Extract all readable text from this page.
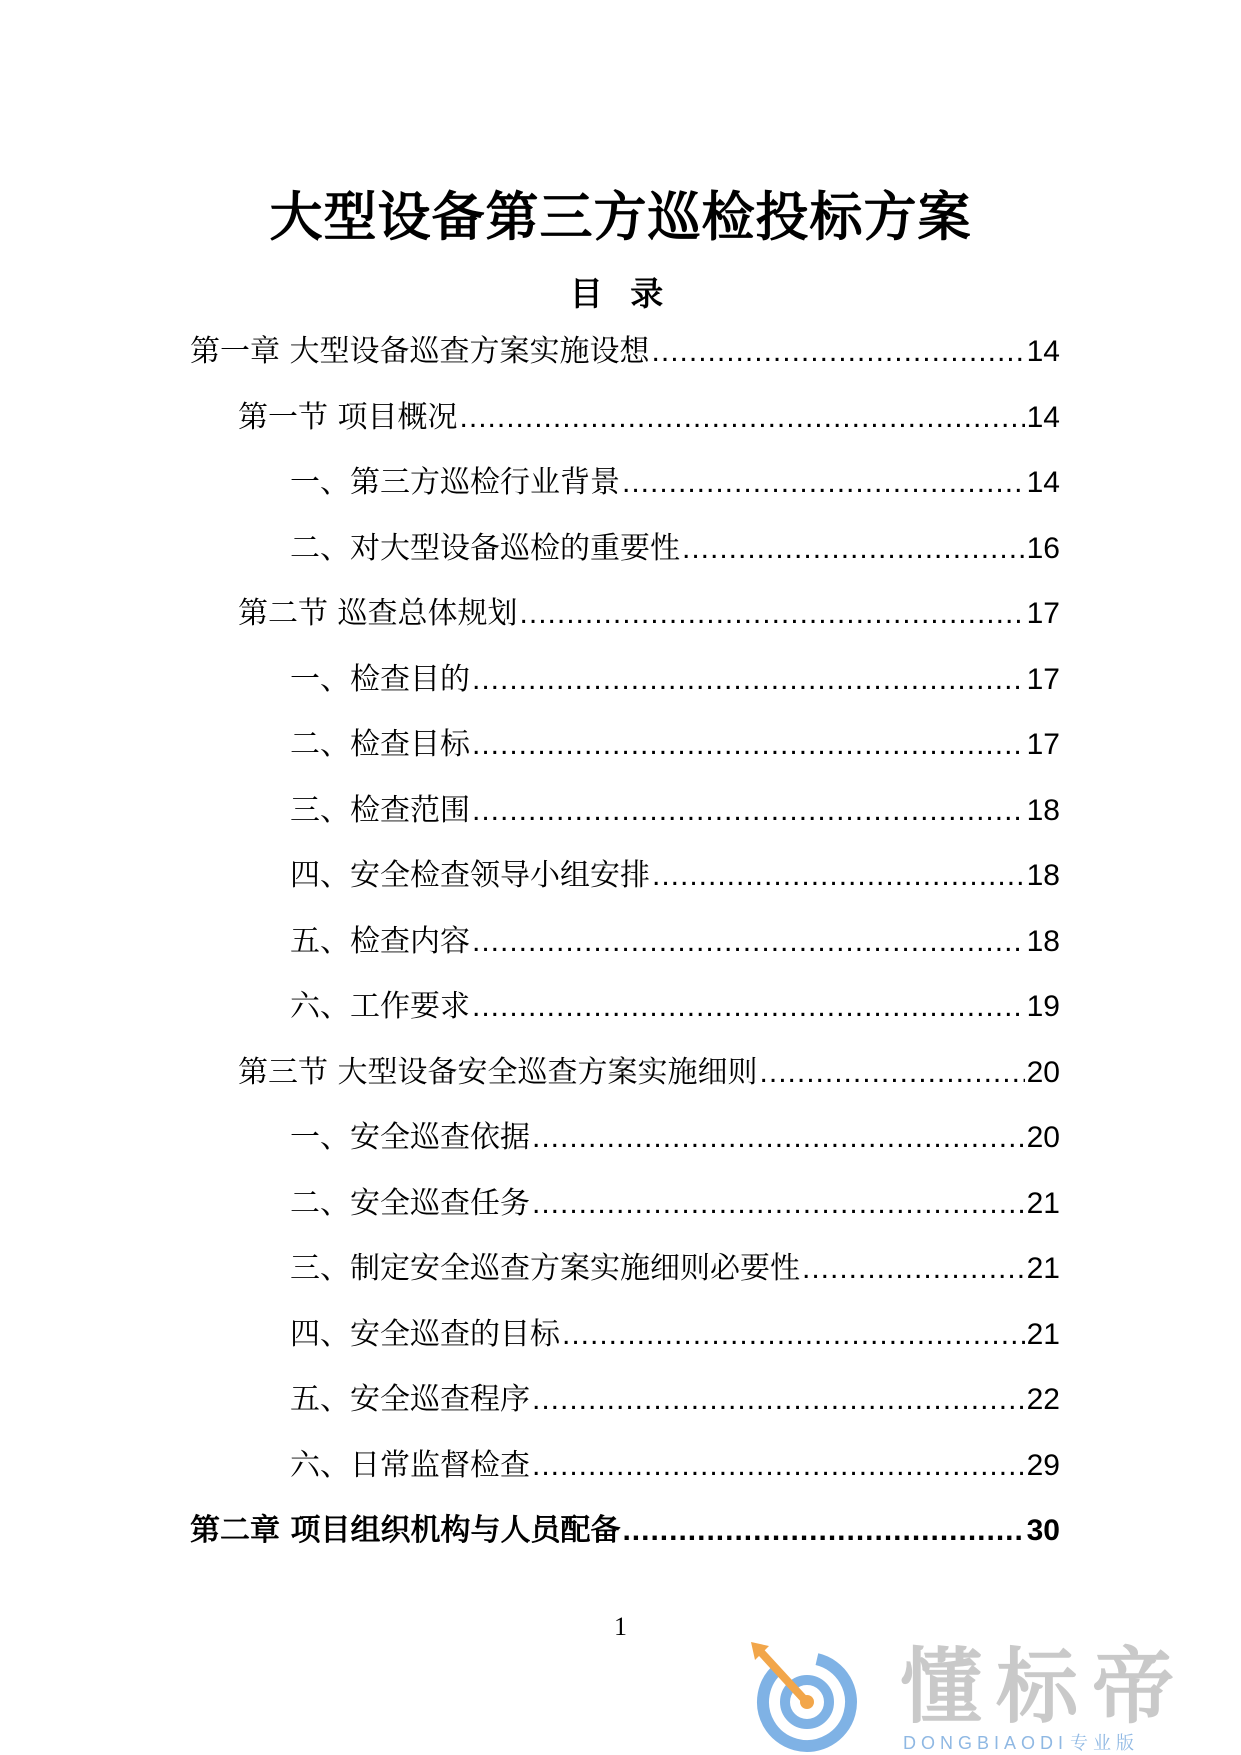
大型设备第三方巡检投标方案
目 录
第一章 大型设备巡查方案实施设想 .....	14
第一节 项目概况 .....	14
一、第三方巡检行业背景 .....	14
二、对大型设备巡检的重要性 .....	16
第二节 巡查总体规划 .....	17
一、检查目的 .....	17
二、检查目标 .....	17
三、检查范围 .....	18
四、安全检查领导小组安排 .....	18
五、检查内容 .....	18
六、工作要求 .....	19
第三节 大型设备安全巡查方案实施细则 .....	20
一、安全巡查依据 .....	20
二、安全巡查任务 .....	21
三、制定安全巡查方案实施细则必要性 .....	21
四、安全巡查的目标 .....	21
五、安全巡查程序 .....	22
六、日常监督检查 .....	29
第二章 项目组织机构与人员配备 .....	30
1
懂标帝
DONGBIAODI 专业版
